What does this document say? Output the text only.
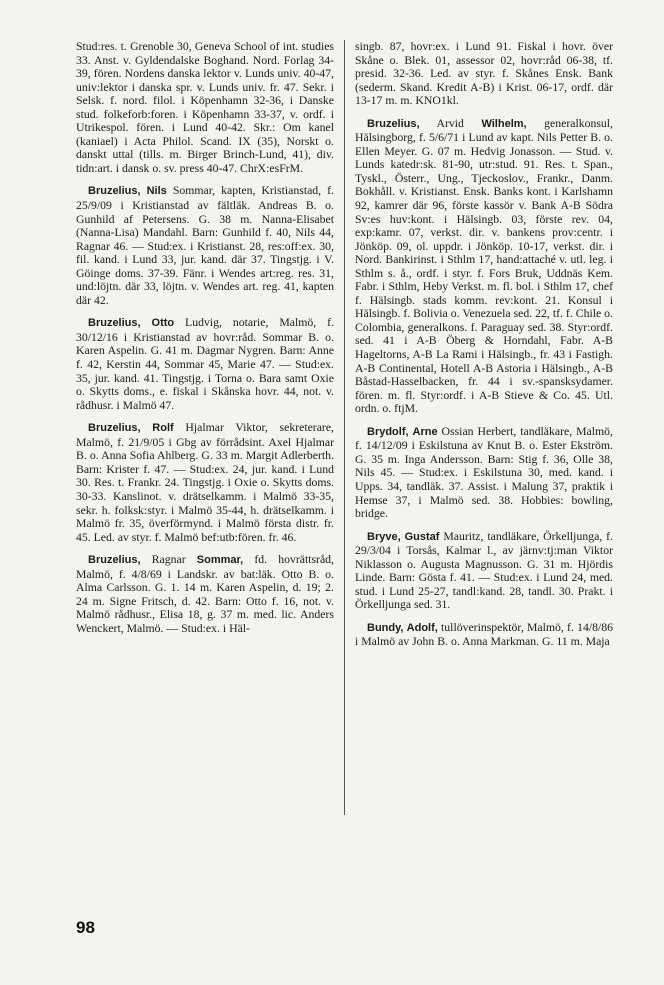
Stud:res. t. Grenoble 30, Geneva School of int. studies 33. Anst. v. Gyldendalske Boghand. Nord. Forlag 34-39, fören. Nordens danska lektor v. Lunds univ. 40-47, univ:lektor i danska spr. v. Lunds univ. fr. 47. Sekr. i Selsk. f. nord. filol. i Köpenhamn 32-36, i Danske stud. folkeforb:foren. i Köpenhamn 33-37, v. ordf. i Utrikespol. fören. i Lund 40-42. Skr.: Om kanel (kaniael) i Acta Philol. Scand. IX (35), Norskt o. danskt uttal (tills. m. Birger Brinch-Lund, 41), div. tidn:art. i dansk o. sv. press 40-47. ChrX:esFrM.

Bruzelius, Nils Sommar, kapten, Kristianstad, f. 25/9/09 i Kristianstad av fältläk. Andreas B. o. Gunhild af Petersens. G. 38 m. Nanna-Elisabet (Nanna-Lisa) Mandahl. Barn: Gunhild f. 40, Nils 44, Ragnar 46. — Stud:ex. i Kristianst. 28, res:off:ex. 30, fil. kand. i Lund 33, jur. kand. där 37. Tingstjg. i V. Göinge doms. 37-39. Fänr. i Wendes art:reg. res. 31, und:löjtn. där 33, löjtn. v. Wendes art. reg. 41, kapten där 42.

Bruzelius, Otto Ludvig, notarie, Malmö, f. 30/12/16 i Kristianstad av hovr:råd. Sommar B. o. Karen Aspelin. G. 41 m. Dagmar Nygren. Barn: Anne f. 42, Kerstin 44, Sommar 45, Marie 47. — Stud:ex. 35, jur. kand. 41. Tingstjg. i Torna o. Bara samt Oxie o. Skytts doms., e. fiskal i Skånska hovr. 44, not. v. rådhusr. i Malmö 47.

Bruzelius, Rolf Hjalmar Viktor, sekreterare, Malmö, f. 21/9/05 i Gbg av förrådsint. Axel Hjalmar B. o. Anna Sofia Ahlberg. G. 33 m. Margit Adlerberth. Barn: Krister f. 47. — Stud:ex. 24, jur. kand. i Lund 30. Res. t. Frankr. 24. Tingstjg. i Oxie o. Skytts doms. 30-33. Kanslinot. v. drätselkamm. i Malmö 33-35, sekr. h. folksk:styr. i Malmö 35-44, h. drätselkamm. i Malmö fr. 35, överförmynd. i Malmö första distr. fr. 45. Led. av styr. f. Malmö bef:utb:fören. fr. 46.

Bruzelius, Ragnar Sommar, fd. hovrättsråd, Malmö, f. 4/8/69 i Landskr. av bat:läk. Otto B. o. Alma Carlsson. G. 1. 14 m. Karen Aspelin, d. 19; 2. 24 m. Signe Fritsch, d. 42. Barn: Otto f. 16, not. v. Malmö rådhusr., Elisa 18, g. 37 m. med. lic. Anders Wenckert, Malmö. — Stud:ex. i Häl-

singb. 87, hovr:ex. i Lund 91. Fiskal i hovr. över Skåne o. Blek. 01, assessor 02, hovr:råd 06-38, tf. presid. 32-36. Led. av styr. f. Skånes Ensk. Bank (sederm. Skand. Kredit A-B) i Krist. 06-17, ordf. där 13-17 m. m. KNO1kl.

Bruzelius, Arvid Wilhelm, generalkonsul, Hälsingborg, f. 5/6/71 i Lund av kapt. Nils Petter B. o. Ellen Meyer. G. 07 m. Hedvig Jonasson. — Stud. v. Lunds katedr:sk. 81-90, utr:stud. 91. Res. t. Span., Tyskl., Österr., Ung., Tjeckoslov., Frankr., Danm. Bokhåll. v. Kristianst. Ensk. Banks kont. i Karlshamn 92, kamrer där 96, förste kassör v. Bank A-B Södra Sv:es huv:kont. i Hälsingb. 03, förste rev. 04, exp:kamr. 07, verkst. dir. v. bankens prov:centr. i Jönköp. 09, ol. uppdr. i Jönköp. 10-17, verkst. dir. i Nord. Bankirinst. i Sthlm 17, hand:attaché v. utl. leg. i Sthlm s. å., ordf. i styr. f. Fors Bruk, Uddnäs Kem. Fabr. i Sthlm, Heby Verkst. m. fl. bol. i Sthlm 17, chef f. Hälsingb. stads komm. rev:kont. 21. Konsul i Hälsingb. f. Bolivia o. Venezuela sed. 22, tf. f. Chile o. Colombia, generalkons. f. Paraguay sed. 38. Styr:ordf. sed. 41 i A-B Öberg & Horndahl, Fabr. A-B Hageltorns, A-B La Rami i Hälsingb., fr. 43 i Fastigh. A-B Continental, Hotell A-B Astoria i Hälsingb., A-B Båstad-Hasselbacken, fr. 44 i sv.-spansksydamer. fören. m. fl. Styr:ordf. i A-B Stieve & Co. 45. Utl. ordn. o. ftjM.

Brydolf, Arne Ossian Herbert, tandläkare, Malmö, f. 14/12/09 i Eskilstuna av Knut B. o. Ester Ekström. G. 35 m. Inga Andersson. Barn: Stig f. 36, Olle 38, Nils 45. — Stud:ex. i Eskilstuna 30, med. kand. i Upps. 34, tandläk. 37. Assist. i Malung 37, praktik i Hemse 37, i Malmö sed. 38. Hobbies: bowling, bridge.

Bryve, Gustaf Mauritz, tandläkare, Örkelljunga, f. 29/3/04 i Torsås, Kalmar l., av järnv:tj:man Viktor Niklasson o. Augusta Magnusson. G. 31 m. Hjördis Linde. Barn: Gösta f. 41. — Stud:ex. i Lund 24, med. stud. i Lund 25-27, tandl:kand. 28, tandl. 30. Prakt. i Örkelljunga sed. 31.

Bundy, Adolf, tullöverinspektör, Malmö, f. 14/8/86 i Malmö av John B. o. Anna Markman. G. 11 m. Maja

98
